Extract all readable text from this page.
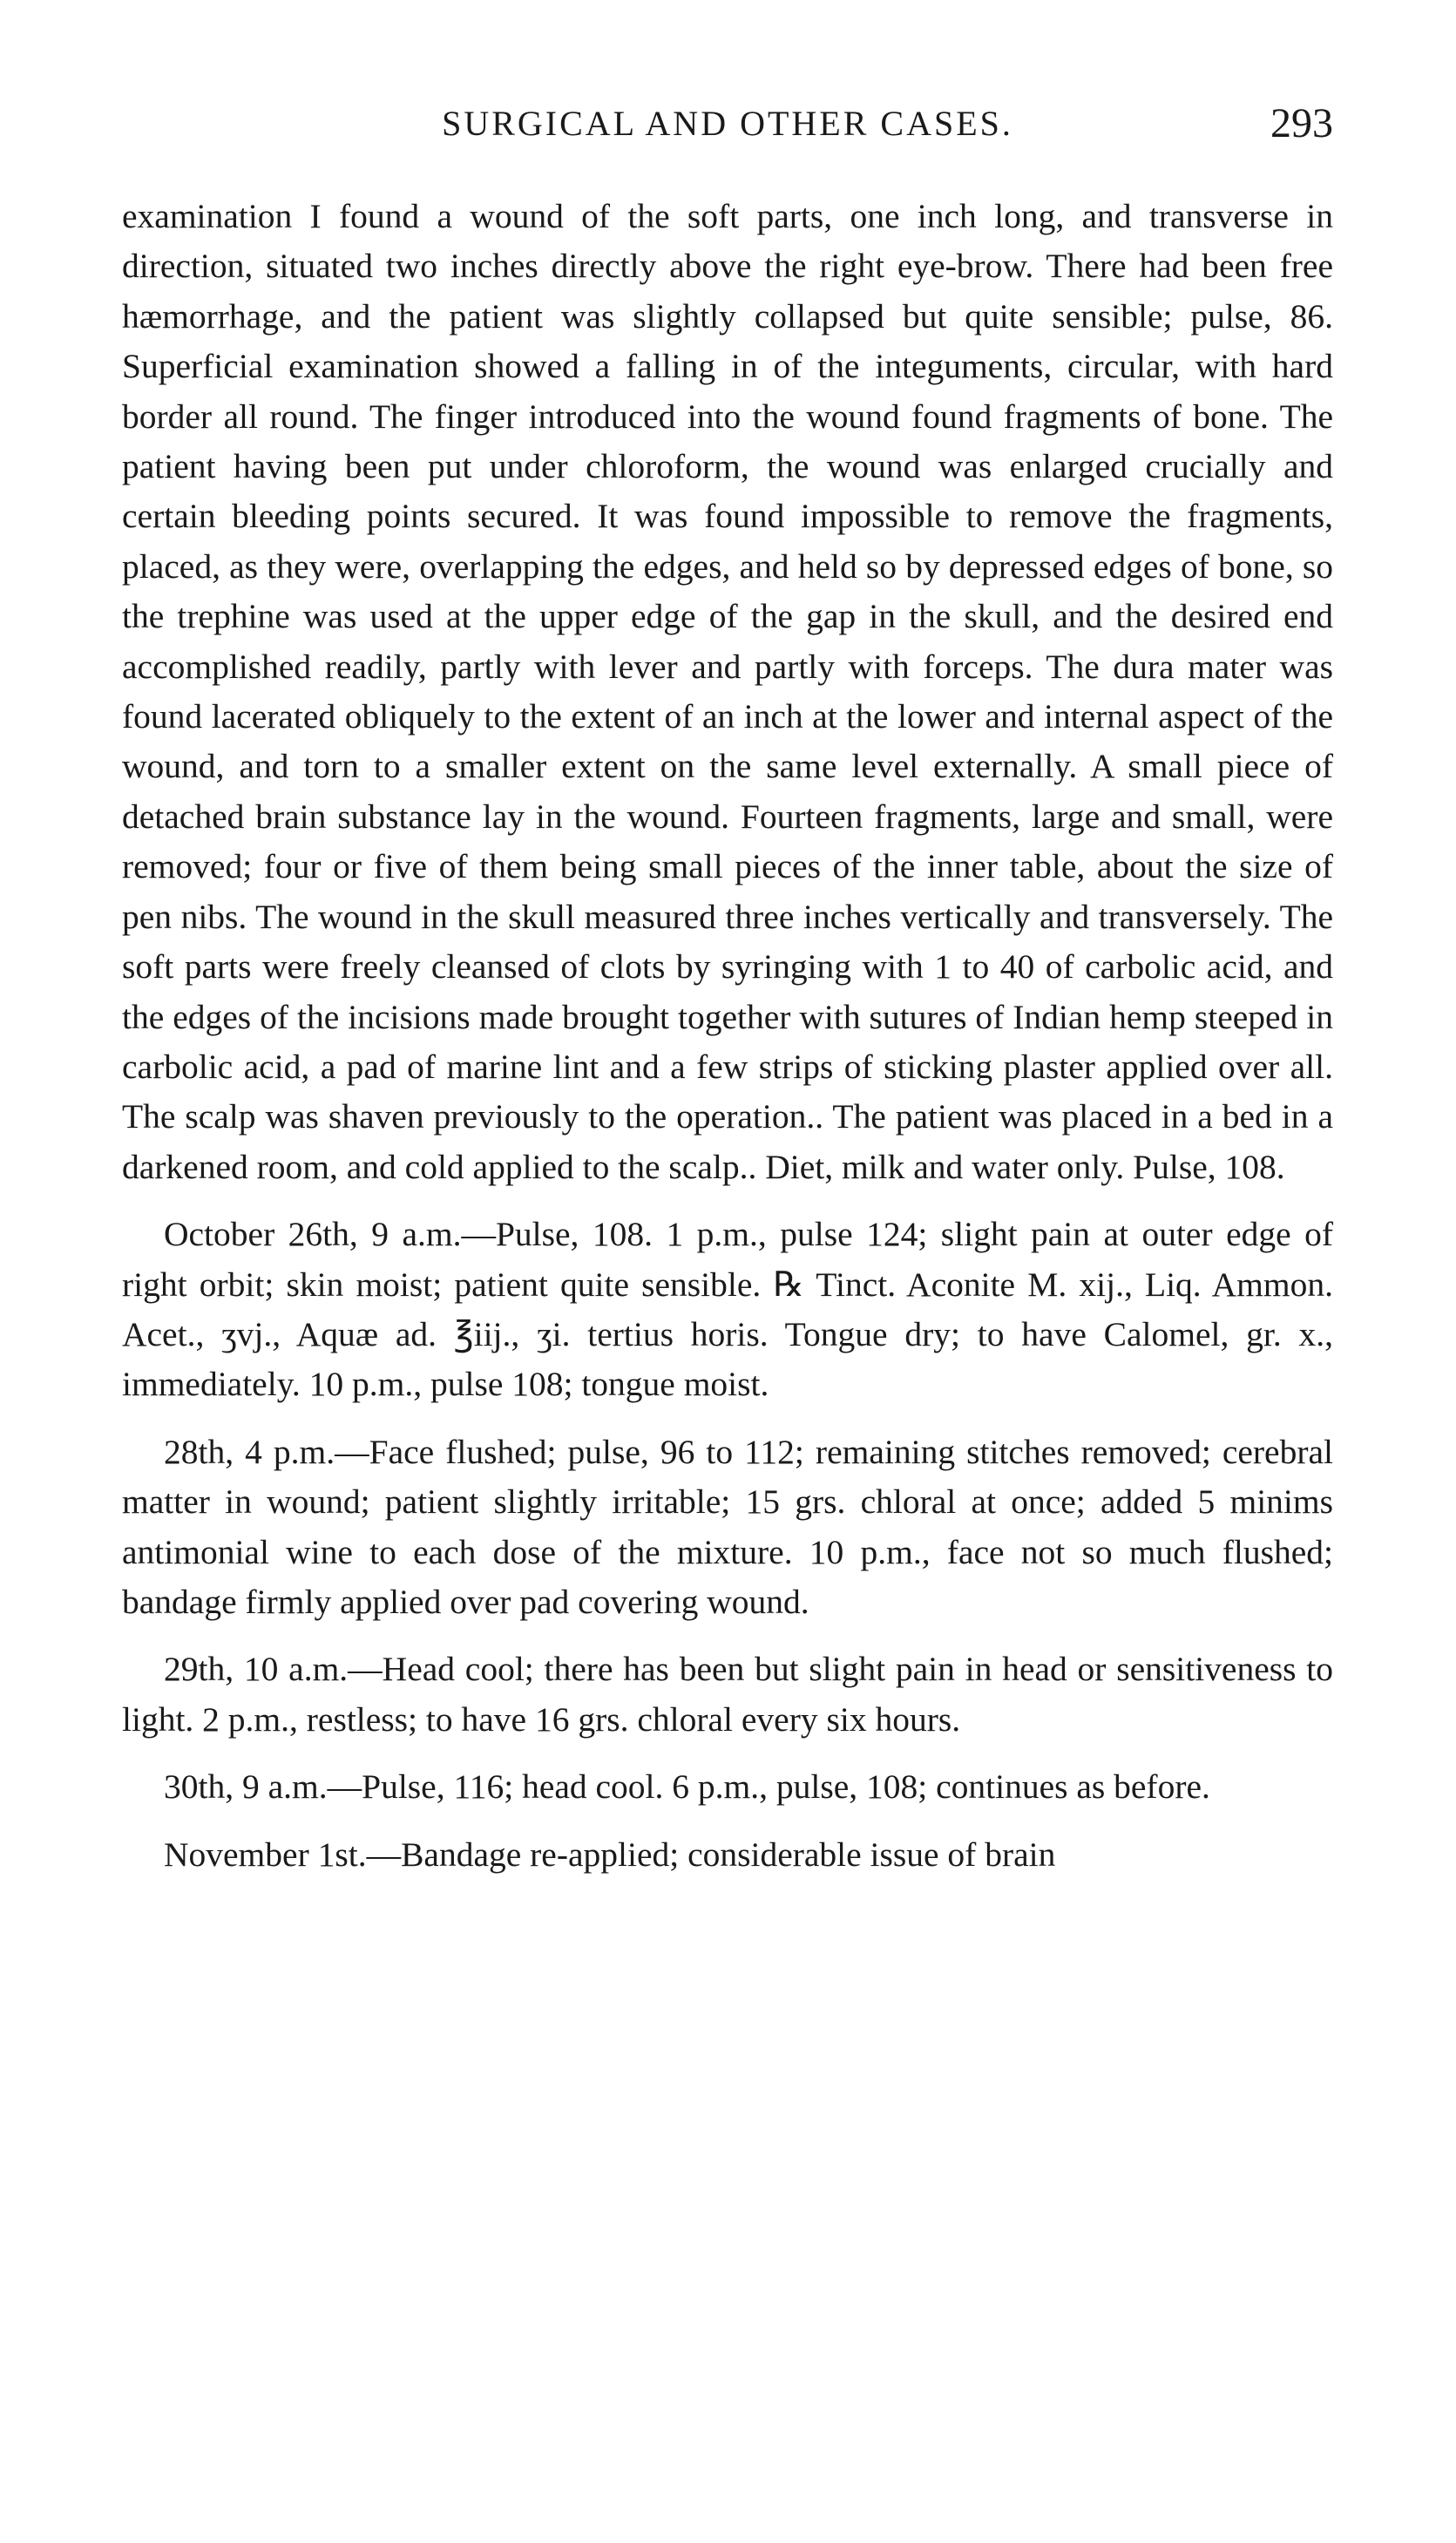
SURGICAL AND OTHER CASES.	293

examination I found a wound of the soft parts, one inch long, and transverse in direction, situated two inches directly above the right eye-brow. There had been free hæmorrhage, and the patient was slightly collapsed but quite sensible; pulse, 86. Superficial examination showed a falling in of the integuments, circular, with hard border all round. The finger introduced into the wound found fragments of bone. The patient having been put under chloroform, the wound was enlarged crucially and certain bleeding points secured. It was found impossible to remove the fragments, placed, as they were, overlapping the edges, and held so by depressed edges of bone, so the trephine was used at the upper edge of the gap in the skull, and the desired end accomplished readily, partly with lever and partly with forceps. The dura mater was found lacerated obliquely to the extent of an inch at the lower and internal aspect of the wound, and torn to a smaller extent on the same level externally. A small piece of detached brain substance lay in the wound. Fourteen fragments, large and small, were removed; four or five of them being small pieces of the inner table, about the size of pen nibs. The wound in the skull measured three inches vertically and transversely. The soft parts were freely cleansed of clots by syringing with 1 to 40 of carbolic acid, and the edges of the incisions made brought together with sutures of Indian hemp steeped in carbolic acid, a pad of marine lint and a few strips of sticking plaster applied over all. The scalp was shaven previously to the operation.. The patient was placed in a bed in a darkened room, and cold applied to the scalp.. Diet, milk and water only. Pulse, 108.

October 26th, 9 a.m.—Pulse, 108. 1 p.m., pulse 124; slight pain at outer edge of right orbit; skin moist; patient quite sensible. ℞ Tinct. Aconite M. xij., Liq. Ammon. Acet., ʒvj., Aquæ ad. ℥iij., ʒi. tertius horis. Tongue dry; to have Calomel, gr. x., immediately. 10 p.m., pulse 108; tongue moist.

28th, 4 p.m.—Face flushed; pulse, 96 to 112; remaining stitches removed; cerebral matter in wound; patient slightly irritable; 15 grs. chloral at once; added 5 minims antimonial wine to each dose of the mixture. 10 p.m., face not so much flushed; bandage firmly applied over pad covering wound.

29th, 10 a.m.—Head cool; there has been but slight pain in head or sensitiveness to light. 2 p.m., restless; to have 16 grs. chloral every six hours.

30th, 9 a.m.—Pulse, 116; head cool. 6 p.m., pulse, 108; continues as before.

November 1st.—Bandage re-applied; considerable issue of brain
